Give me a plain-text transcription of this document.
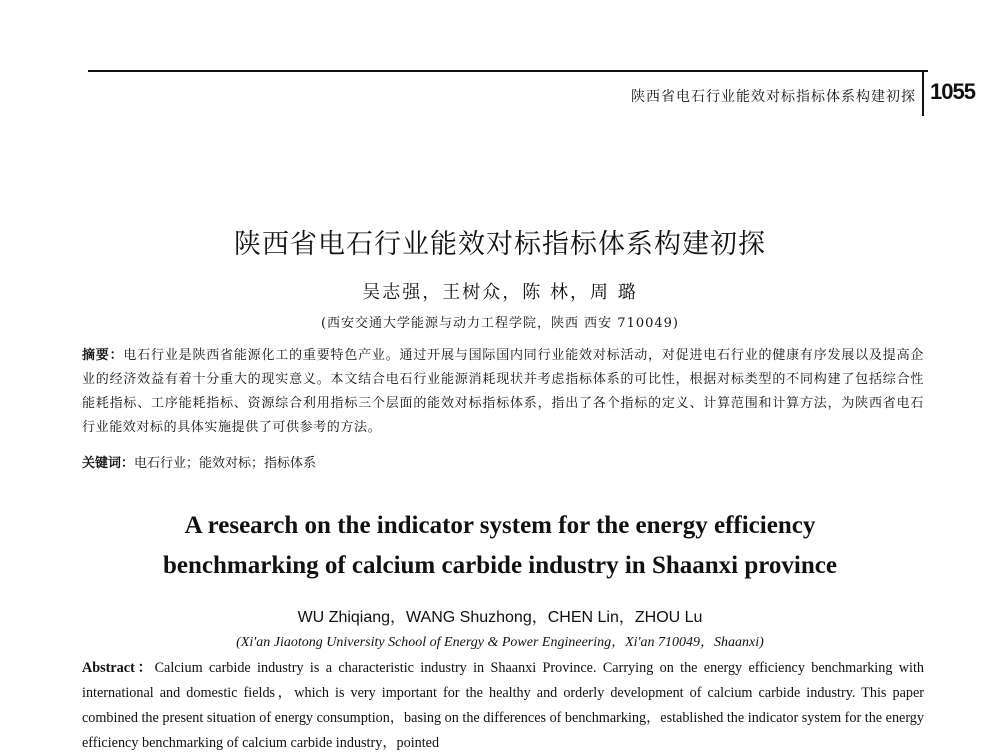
陕西省电石行业能效对标指标体系构建初探 1055
陕西省电石行业能效对标指标体系构建初探
吴志强，王树众，陈 林，周 璐
(西安交通大学能源与动力工程学院，陕西 西安 710049)
摘要：电石行业是陕西省能源化工的重要特色产业。通过开展与国际国内同行业能效对标活动，对促进电石行业的健康有序发展以及提高企业的经济效益有着十分重大的现实意义。本文结合电石行业能源消耗现状并考虑指标体系的可比性，根据对标类型的不同构建了包括综合性能耗指标、工序能耗指标、资源综合利用指标三个层面的能效对标指标体系，指出了各个指标的定义、计算范围和计算方法，为陕西省电石行业能效对标的具体实施提供了可供参考的方法。
关键词：电石行业；能效对标；指标体系
A research on the indicator system for the energy efficiency
benchmarking of calcium carbide industry in Shaanxi province
WU Zhiqiang，WANG Shuzhong，CHEN Lin，ZHOU Lu
(Xi'an Jiaotong University School of Energy & Power Engineering，Xi'an 710049，Shaanxi)
Abstract：Calcium carbide industry is a characteristic industry in Shaanxi Province. Carrying on the energy efficiency benchmarking with international and domestic fields，which is very important for the healthy and orderly development of calcium carbide industry. This paper combined the present situation of energy consumption，basing on the differences of benchmarking，established the indicator system for the energy efficiency benchmarking of calcium carbide industry，pointed
